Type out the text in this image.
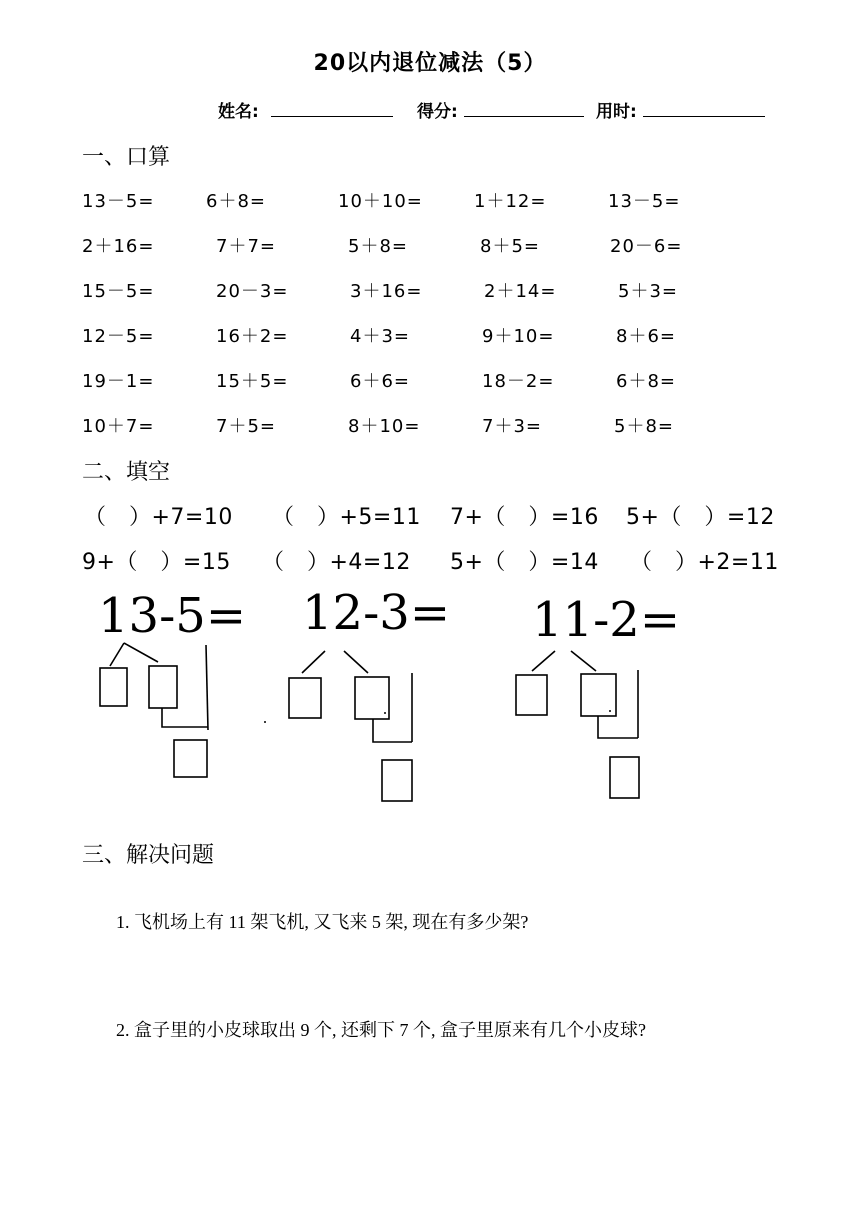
20以内退位减法（5）
姓名:	得分:	用时:
一、口算
13－5=	6＋8=	10＋10=	1＋12=	13－5=
2＋16=	7＋7=	5＋8=	8＋5=	20－6=
15－5=	20－3=	3＋16=	2＋14=	5＋3=
12－5=	16＋2=	4＋3=	9＋10=	8＋6=
19－1=	15＋5=	6＋6=	18－2=	6＋8=
10＋7=	7＋5=	8＋10=	7＋3=	5＋8=
二、填空
（　）+7=10 （　）+5=11 7+（　）=16 5+（　）=12
9+（　）=15 （　）+4=12 5+（　）=14 （　）+2=11
13-5= 12-3= 11-2=
三、解决问题
1. 飞机场上有 11 架飞机, 又飞来 5 架, 现在有多少架?
2. 盒子里的小皮球取出 9 个, 还剩下 7 个, 盒子里原来有几个小皮球?
